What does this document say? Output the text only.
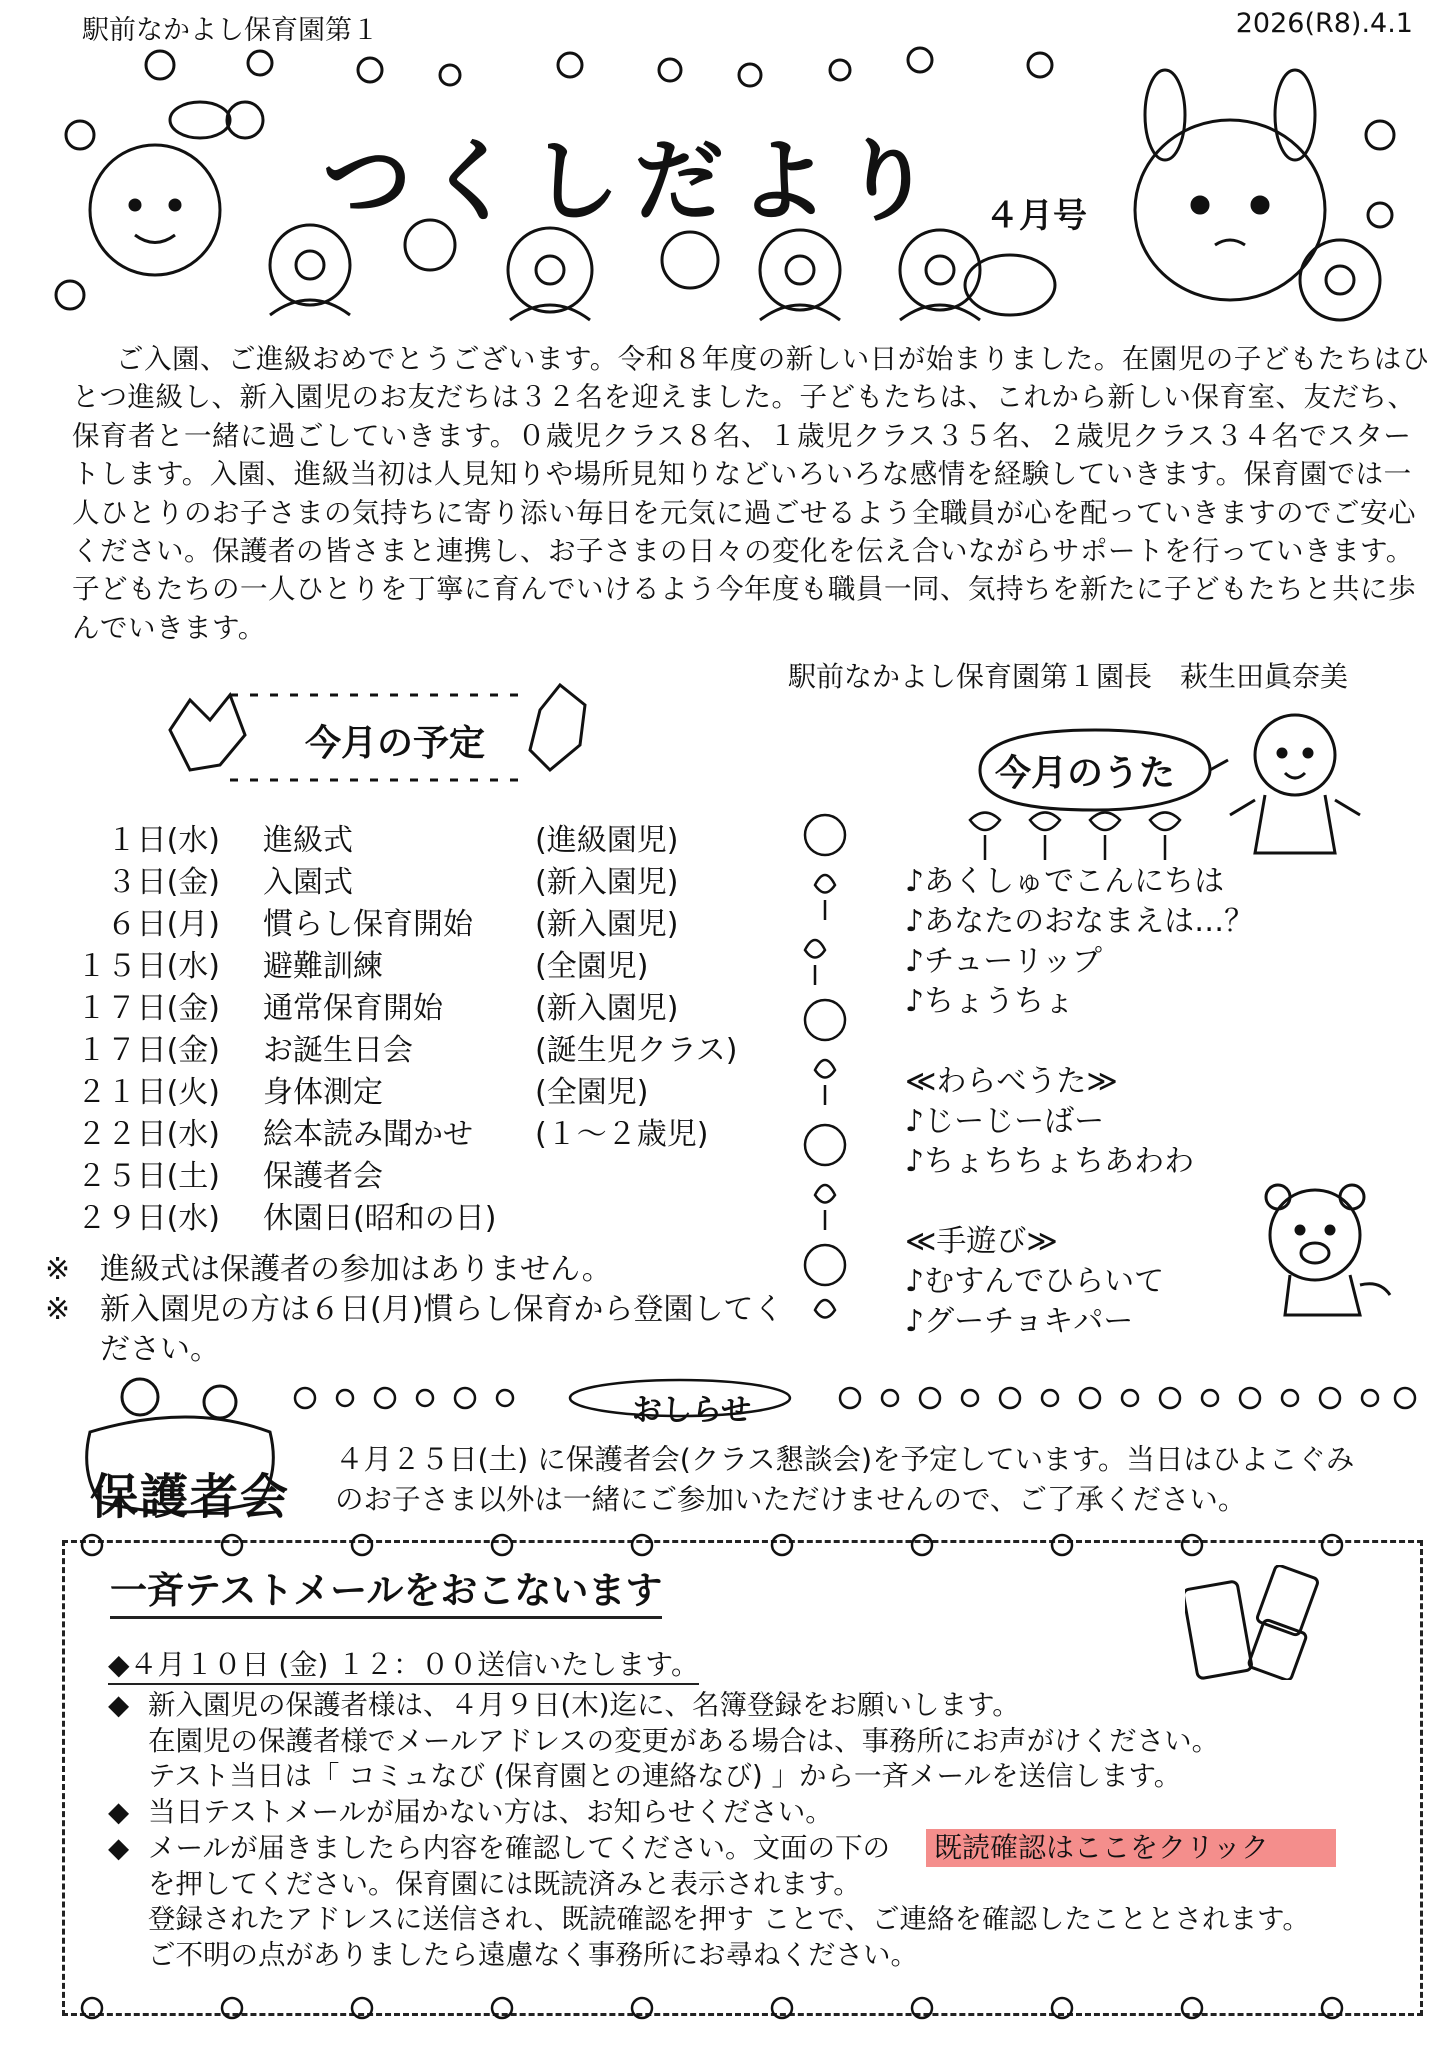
駅前なかよし保育園第１	2026(R8).4.1
つくしだより ４月号
ご入園、ご進級おめでとうございます。令和８年度の新しい日が始まりました。在園児の子どもたちはひとつ進級し、新入園児のお友だちは３２名を迎えました。子どもたちは、これから新しい保育室、友だち、保育者と一緒に過ごしていきます。０歳児クラス８名、１歳児クラス３５名、２歳児クラス３４名でスタートします。入園、進級当初は人見知りや場所見知りなどいろいろな感情を経験していきます。保育園では一人ひとりのお子さまの気持ちに寄り添い毎日を元気に過ごせるよう全職員が心を配っていきますのでご安心ください。保護者の皆さまと連携し、お子さまの日々の変化を伝え合いながらサポートを行っていきます。子どもたちの一人ひとりを丁寧に育んでいけるよう今年度も職員一同、気持ちを新たに子どもたちと共に歩んでいきます。
駅前なかよし保育園第１園長　萩生田眞奈美
今月の予定
１日(水) 進級式	(進級園児)
３日(金) 入園式	(新入園児)
６日(月) 慣らし保育開始 (新入園児)
１５日(水) 避難訓練	(全園児)
１７日(金) 通常保育開始	(新入園児)
１７日(金) お誕生日会	(誕生児クラス)
２１日(火) 身体測定	(全園児)
２２日(水) 絵本読み聞かせ (１～２歳児)
２５日(土) 保護者会
２９日(水) 休園日(昭和の日)
※ 進級式は保護者の参加はありません。
※ 新入園児の方は６日(月)慣らし保育から登園してください。
今月のうた
♪あくしゅでこんにちは
♪あなたのおなまえは…？
♪チューリップ
♪ちょうちょ
≪わらべうた≫
♪じーじーばー
♪ちょちちょちあわわ
≪手遊び≫
♪むすんでひらいて
♪グーチョキパー
おしらせ
保護者会
４月２５日(土) に保護者会(クラス懇談会)を予定しています。当日はひよこぐみ
のお子さま以外は一緒にご参加いただけませんので、ご了承ください。
一斉テストメールをおこないます
◆４月１０日 (金) １２：００送信いたします。
◆ 新入園児の保護者様は、４月９日(木)迄に、名簿登録をお願いします。
在園児の保護者様でメールアドレスの変更がある場合は、事務所にお声がけください。
テスト当日は「 コミュなび (保育園との連絡なび) 」から一斉メールを送信します。
◆ 当日テストメールが届かない方は、お知らせください。
◆ メールが届きましたら内容を確認してください。文面の下の
を押してください。保育園には既読済みと表示されます。
登録されたアドレスに送信され、既読確認を押す ことで、ご連絡を確認したこととされます。
ご不明の点がありましたら遠慮なく事務所にお尋ねください。
既読確認はここをクリック
